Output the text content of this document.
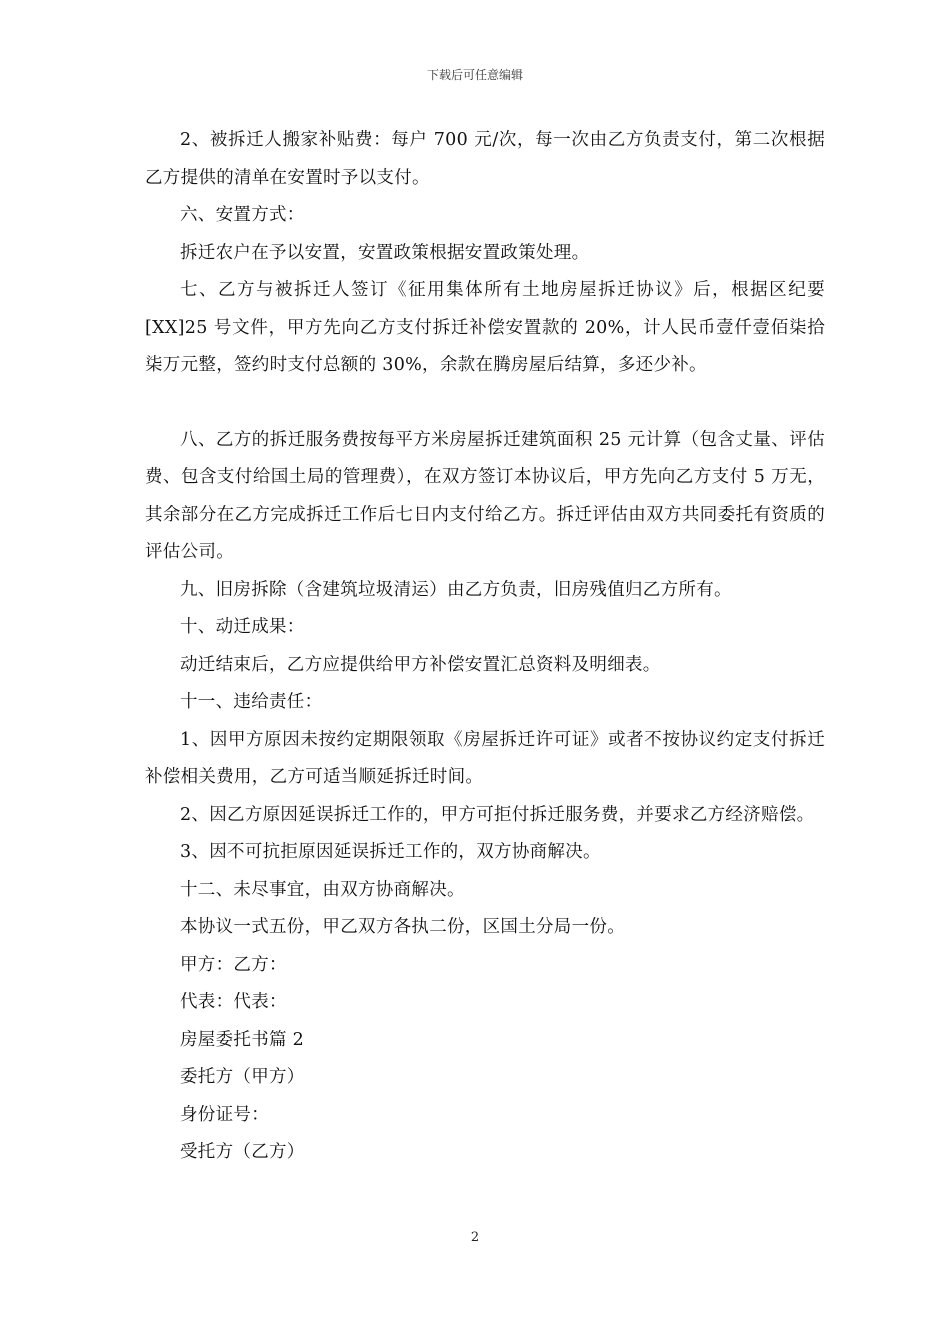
下载后可任意编辑

2、被拆迁人搬家补贴费：每户 700 元/次，每一次由乙方负责支付，第二次根据乙方提供的清单在安置时予以支付。

六、安置方式：

拆迁农户在予以安置，安置政策根据安置政策处理。

七、乙方与被拆迁人签订《征用集体所有土地房屋拆迁协议》后，根据区纪要[XX]25 号文件，甲方先向乙方支付拆迁补偿安置款的 20%，计人民币壹仟壹佰柒拾柒万元整，签约时支付总额的 30%，余款在腾房屋后结算，多还少补。

八、乙方的拆迁服务费按每平方米房屋拆迁建筑面积 25 元计算（包含丈量、评估费、包含支付给国土局的管理费），在双方签订本协议后，甲方先向乙方支付 5 万无，其余部分在乙方完成拆迁工作后七日内支付给乙方。拆迁评估由双方共同委托有资质的评估公司。

九、旧房拆除（含建筑垃圾清运）由乙方负责，旧房残值归乙方所有。

十、动迁成果：

动迁结束后，乙方应提供给甲方补偿安置汇总资料及明细表。

十一、违给责任：

1、因甲方原因未按约定期限领取《房屋拆迁许可证》或者不按协议约定支付拆迁补偿相关费用，乙方可适当顺延拆迁时间。

2、因乙方原因延误拆迁工作的，甲方可拒付拆迁服务费，并要求乙方经济赔偿。

3、因不可抗拒原因延误拆迁工作的，双方协商解决。

十二、未尽事宜，由双方协商解决。

本协议一式五份，甲乙双方各执二份，区国土分局一份。

甲方：乙方：

代表：代表：

房屋委托书篇 2

委托方（甲方）

身份证号：

受托方（乙方）

2
